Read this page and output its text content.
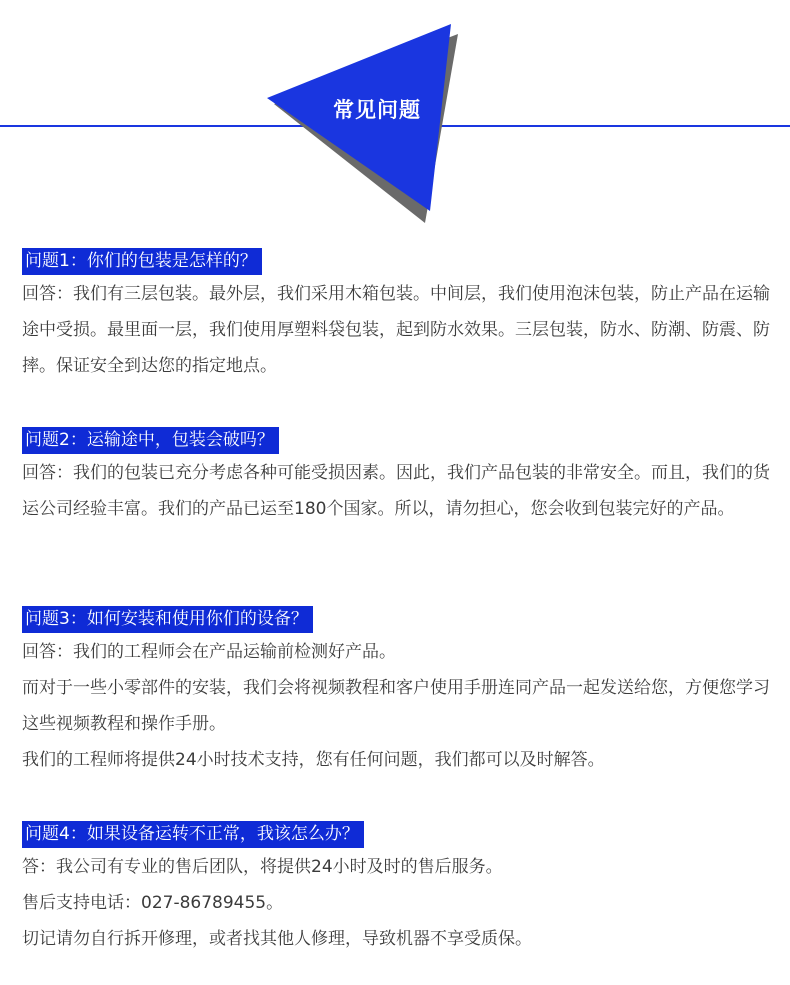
常见问题
问题1：你们的包装是怎样的？

回答：我们有三层包装。最外层，我们采用木箱包装。中间层，我们使用泡沫包装，防止产品在运输途中受损。最里面一层，我们使用厚塑料袋包装，起到防水效果。三层包装，防水、防潮、防震、防摔。保证安全到达您的指定地点。

问题2：运输途中，包装会破吗？

回答：我们的包装已充分考虑各种可能受损因素。因此，我们产品包装的非常安全。而且，我们的货运公司经验丰富。我们的产品已运至180个国家。所以，请勿担心，您会收到包装完好的产品。

问题3：如何安装和使用你们的设备？

回答：我们的工程师会在产品运输前检测好产品。

而对于一些小零部件的安装，我们会将视频教程和客户使用手册连同产品一起发送给您，方便您学习这些视频教程和操作手册。

我们的工程师将提供24小时技术支持，您有任何问题，我们都可以及时解答。

问题4：如果设备运转不正常，我该怎么办？

答：我公司有专业的售后团队，将提供24小时及时的售后服务。

售后支持电话：027-86789455。

切记请勿自行拆开修理，或者找其他人修理，导致机器不享受质保。
